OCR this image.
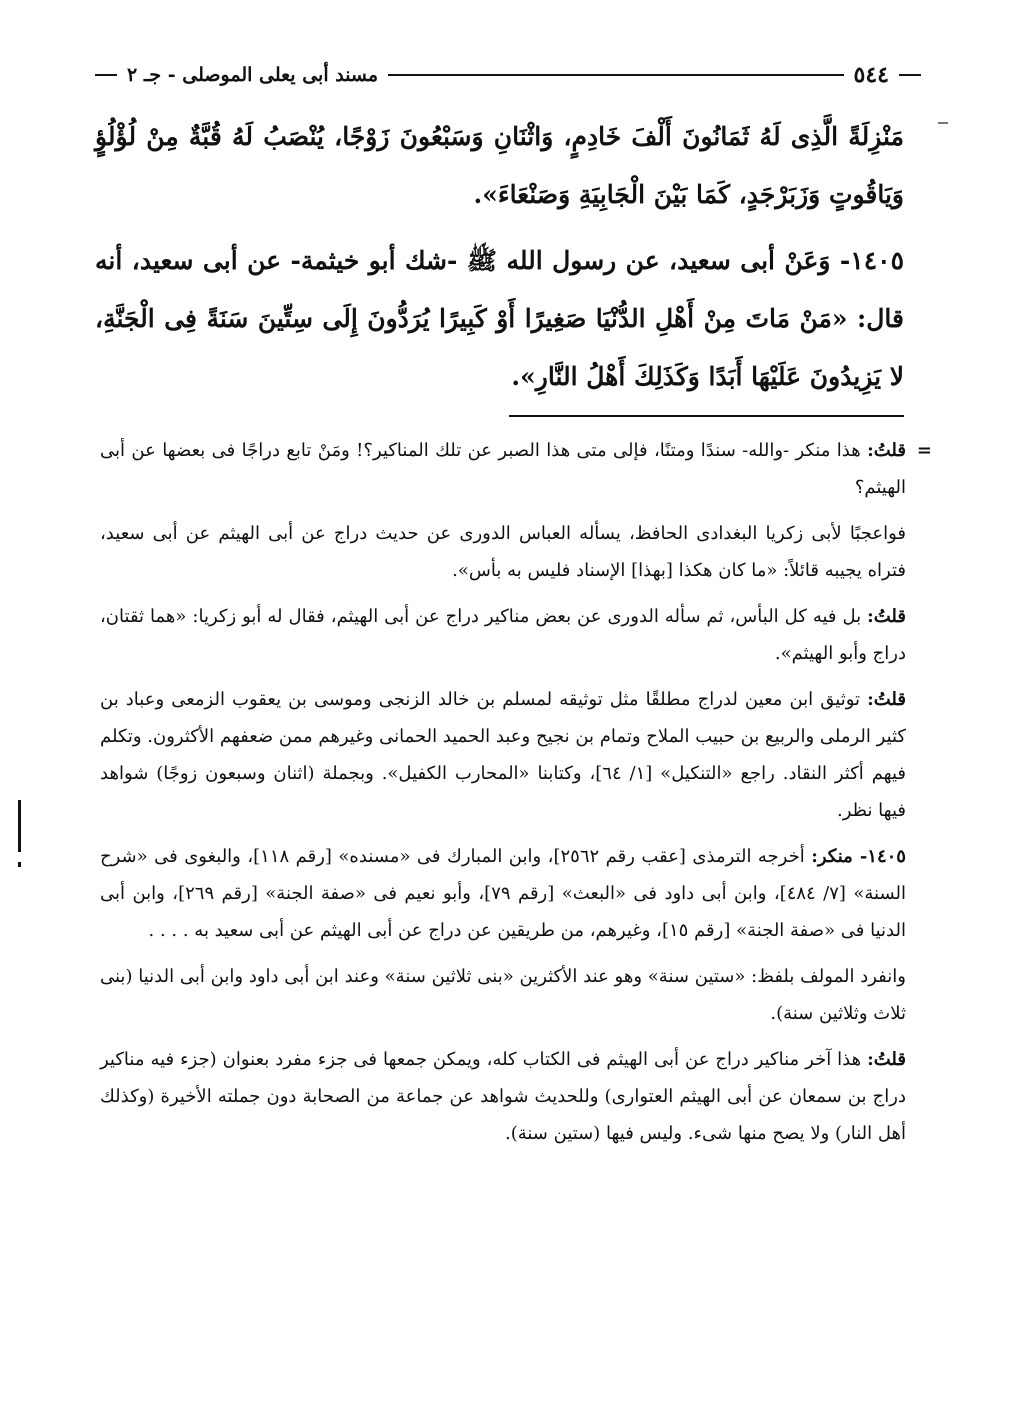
٥٤٤
مسند أبى يعلى الموصلى - جـ ٢

مَنْزِلَةً الَّذِى لَهُ ثَمَانُونَ أَلْفَ خَادِمٍ، وَاثْنَانِ وَسَبْعُونَ زَوْجًا، يُنْصَبُ لَهُ قُبَّةٌ مِنْ لُؤْلُؤٍ وَيَاقُوتٍ وَزَبَرْجَدٍ، كَمَا بَيْنَ الْجَابِيَةِ وَصَنْعَاءَ».

١٤٠٥- وَعَنْ أبى سعيد، عن رسول الله ﷺ -شك أبو خيثمة- عن أبى سعيد، أنه قال: «مَنْ مَاتَ مِنْ أَهْلِ الدُّنْيَا صَغِيرًا أَوْ كَبِيرًا يُرَدُّونَ إِلَى سِتِّينَ سَنَةً فِى الْجَنَّةِ، لا يَزِيدُونَ عَلَيْهَا أَبَدًا وَكَذَلِكَ أَهْلُ النَّارِ».

=
قلتُ: هذا منكر -والله- سندًا ومتنًا، فإلى متى هذا الصبر عن تلك المناكير؟! ومَنْ تابع دراجًا فى بعضها عن أبى الهيثم؟

فواعجبًا لأبى زكريا البغدادى الحافظ، يسأله العباس الدورى عن حديث دراج عن أبى الهيثم عن أبى سعيد، فتراه يجيبه قائلاً: «ما كان هكذا [بهذا] الإسناد فليس به بأس».

قلتُ: بل فيه كل البأس، ثم سأله الدورى عن بعض مناكير دراج عن أبى الهيثم، فقال له أبو زكريا: «هما ثقتان، دراج وأبو الهيثم».

قلتُ: توثيق ابن معين لدراج مطلقًا مثل توثيقه لمسلم بن خالد الزنجى وموسى بن يعقوب الزمعى وعباد بن كثير الرملى والربيع بن حبيب الملاح وتمام بن نجيح وعبد الحميد الحمانى وغيرهم ممن ضعفهم الأكثرون. وتكلم فيهم أكثر النقاد. راجع «التنكيل» [١/ ٦٤]، وكتابنا «المحارب الكفيل». وبجملة (اثنان وسبعون زوجًا) شواهد فيها نظر.

١٤٠٥- منكر: أخرجه الترمذى [عقب رقم ٢٥٦٢]، وابن المبارك فى «مسنده» [رقم ١١٨]، والبغوى فى «شرح السنة» [٧/ ٤٨٤]، وابن أبى داود فى «البعث» [رقم ٧٩]، وأبو نعيم فى «صفة الجنة» [رقم ٢٦٩]، وابن أبى الدنيا فى «صفة الجنة» [رقم ١٥]، وغيرهم، من طريقين عن دراج عن أبى الهيثم عن أبى سعيد به . . . .

وانفرد المولف بلفظ: «ستين سنة» وهو عند الأكثرين «بنى ثلاثين سنة» وعند ابن أبى داود وابن أبى الدنيا (بنى ثلاث وثلاثين سنة).

قلتُ: هذا آخر مناكير دراج عن أبى الهيثم فى الكتاب كله، ويمكن جمعها فى جزء مفرد بعنوان (جزء فيه مناكير دراج بن سمعان عن أبى الهيثم العتوارى) وللحديث شواهد عن جماعة من الصحابة دون جملته الأخيرة (وكذلك أهل النار) ولا يصح منها شىء. وليس فيها (ستين سنة).
